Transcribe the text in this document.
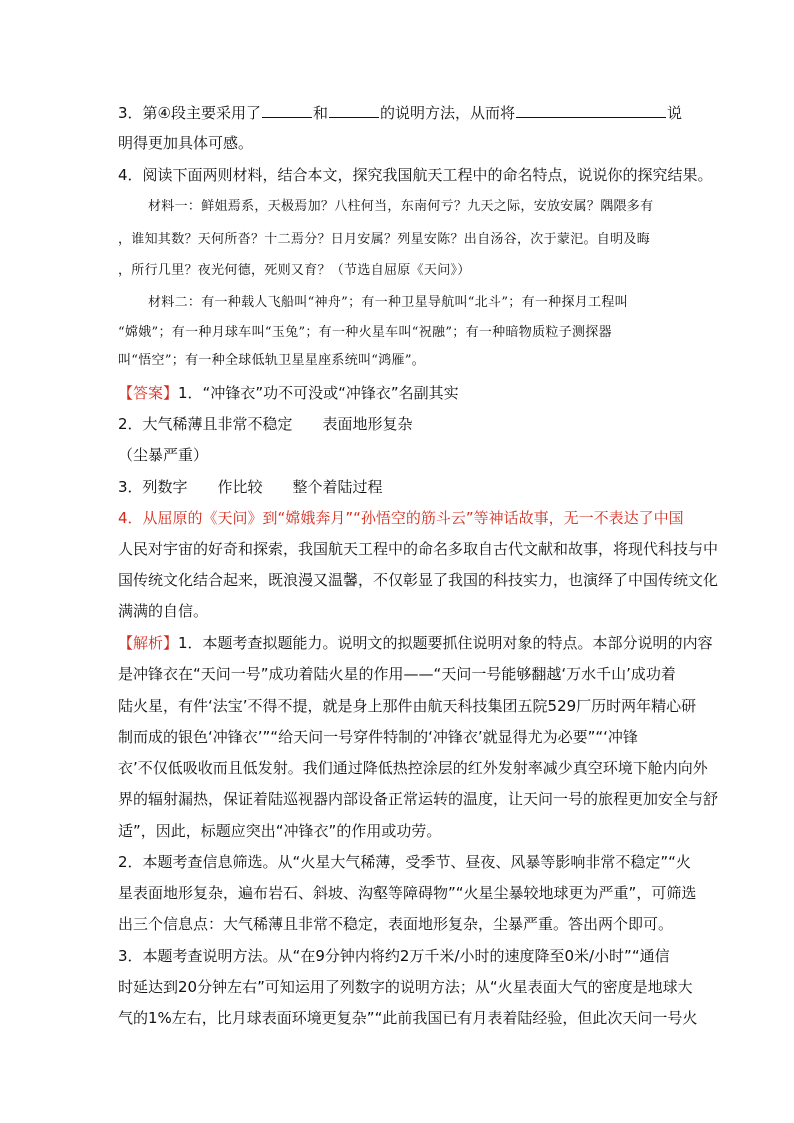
3．第④段主要采用了	和	的说明方法，从而将	说
明得更加具体可感。
4．阅读下面两则材料，结合本文，探究我国航天工程中的命名特点，说说你的探究结果。
材料一：鲜姐焉系，天极焉加？八柱何当，东南何亏？九天之际，安放安属？隅隈多有
，谁知其数？天何所沓？十二焉分？日月安属？列星安陈？出自汤谷，次于蒙汜。自明及晦
，所行几里？夜光何德，死则又育？（节选自屈原《天问》）
材料二：有一种载人飞船叫“神舟”；有一种卫星导航叫“北斗”；有一种探月工程叫
“嫦娥”；有一种月球车叫“玉兔”；有一种火星车叫“祝融”；有一种暗物质粒子测探器
叫“悟空”；有一种全球低轨卫星星座系统叫“鸿雁”。
【答案】1．“冲锋衣”功不可没或“冲锋衣”名副其实
2．大气稀薄且非常不稳定　　表面地形复杂
（尘暴严重）
3．列数字　　作比较　　整个着陆过程
4．从屈原的《天问》到“嫦娥奔月”“孙悟空的筋斗云”等神话故事，无一不表达了中国
人民对宇宙的好奇和探索，我国航天工程中的命名多取自古代文献和故事，将现代科技与中
国传统文化结合起来，既浪漫又温馨，不仅彰显了我国的科技实力，也演绎了中国传统文化
满满的自信。
【解析】1．本题考查拟题能力。说明文的拟题要抓住说明对象的特点。本部分说明的内容
是冲锋衣在“天问一号”成功着陆火星的作用——“天问一号能够翻越‘万水千山’成功着
陆火星，有件‘法宝’不得不提，就是身上那件由航天科技集团五院529厂历时两年精心研
制而成的银色‘冲锋衣’”“给天问一号穿件特制的‘冲锋衣’就显得尤为必要”“‘冲锋
衣’不仅低吸收而且低发射。我们通过降低热控涂层的红外发射率减少真空环境下舱内向外
界的辐射漏热，保证着陆巡视器内部设备正常运转的温度，让天问一号的旅程更加安全与舒
适”，因此，标题应突出“冲锋衣”的作用或功劳。
2．本题考查信息筛选。从“火星大气稀薄，受季节、昼夜、风暴等影响非常不稳定”“火
星表面地形复杂，遍布岩石、斜坡、沟壑等障碍物”“火星尘暴较地球更为严重”，可筛选
出三个信息点：大气稀薄且非常不稳定，表面地形复杂，尘暴严重。答出两个即可。
3．本题考查说明方法。从“在9分钟内将约2万千米/小时的速度降至0米/小时”“通信
时延达到20分钟左右”可知运用了列数字的说明方法；从“火星表面大气的密度是地球大
气的1%左右，比月球表面环境更复杂”“此前我国已有月表着陆经验，但此次天问一号火
